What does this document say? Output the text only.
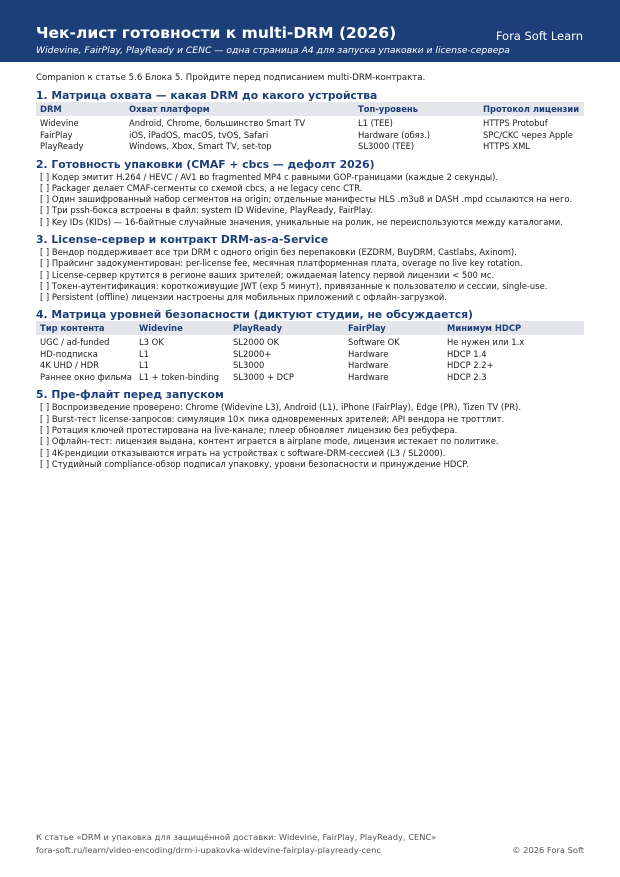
Чек-лист готовности к multi-DRM (2026)	Fora Soft Learn
Widevine, FairPlay, PlayReady и CENC — одна страница A4 для запуска упаковки и license-сервера

Companion к статье 5.6 Блока 5. Пройдите перед подписанием multi-DRM-контракта.

1. Матрица охвата — какая DRM до какого устройства
DRM	Охват платформ	Топ-уровень	Протокол лицензии
Widevine	Android, Chrome, большинство Smart TV	L1 (TEE)	HTTPS Protobuf
FairPlay	iOS, iPadOS, macOS, tvOS, Safari	Hardware (обяз.)	SPC/CKC через Apple
PlayReady	Windows, Xbox, Smart TV, set-top	SL3000 (TEE)	HTTPS XML
2. Готовность упаковки (CMAF + cbcs — дефолт 2026)
[ ] Кодер эмитит H.264 / HEVC / AV1 во fragmented MP4 с равными GOP-границами (каждые 2 секунды).
[ ] Packager делает CMAF-сегменты со схемой cbcs, а не legacy cenc CTR.
[ ] Один зашифрованный набор сегментов на origin; отдельные манифесты HLS .m3u8 и DASH .mpd ссылаются на него.
[ ] Три pssh-бокса встроены в файл: system ID Widevine, PlayReady, FairPlay.
[ ] Key IDs (KIDs) — 16-байтные случайные значения, уникальные на ролик, не переиспользуются между каталогами.
3. License-сервер и контракт DRM-as-a-Service
[ ] Вендор поддерживает все три DRM с одного origin без перепаковки (EZDRM, BuyDRM, Castlabs, Axinom).
[ ] Прайсинг задокументирован: per-license fee, месячная платформенная плата, overage по live key rotation.
[ ] License-сервер крутится в регионе ваших зрителей; ожидаемая latency первой лицензии < 500 мс.
[ ] Токен-аутентификация: короткоживущие JWT (exp 5 минут), привязанные к пользователю и сессии, single-use.
[ ] Persistent (offline) лицензии настроены для мобильных приложений с офлайн-загрузкой.
4. Матрица уровней безопасности (диктуют студии, не обсуждается)
Тир контента	Widevine	PlayReady	FairPlay	Минимум HDCP
UGC / ad-funded	L3 OK	SL2000 OK	Software OK	Не нужен или 1.x
HD-подписка	L1	SL2000+	Hardware	HDCP 1.4
4K UHD / HDR	L1	SL3000	Hardware	HDCP 2.2+
Раннее окно фильма	L1 + token-binding	SL3000 + DCP	Hardware	HDCP 2.3
5. Пре-флайт перед запуском
[ ] Воспроизведение проверено: Chrome (Widevine L3), Android (L1), iPhone (FairPlay), Edge (PR), Tizen TV (PR).
[ ] Burst-тест license-запросов: симуляция 10× пика одновременных зрителей; API вендора не троттлит.
[ ] Ротация ключей протестирована на live-канале; плеер обновляет лицензию без ребуфера.
[ ] Офлайн-тест: лицензия выдана, контент играется в airplane mode, лицензия истекает по политике.
[ ] 4K-рендиции отказываются играть на устройствах с software-DRM-сессией (L3 / SL2000).
[ ] Студийный compliance-обзор подписал упаковку, уровни безопасности и принуждение HDCP.
К статье «DRM и упаковка для защищённой доставки: Widevine, FairPlay, PlayReady, CENC»
fora-soft.ru/learn/video-encoding/drm-i-upakovka-widevine-fairplay-playready-cenc	© 2026 Fora Soft
